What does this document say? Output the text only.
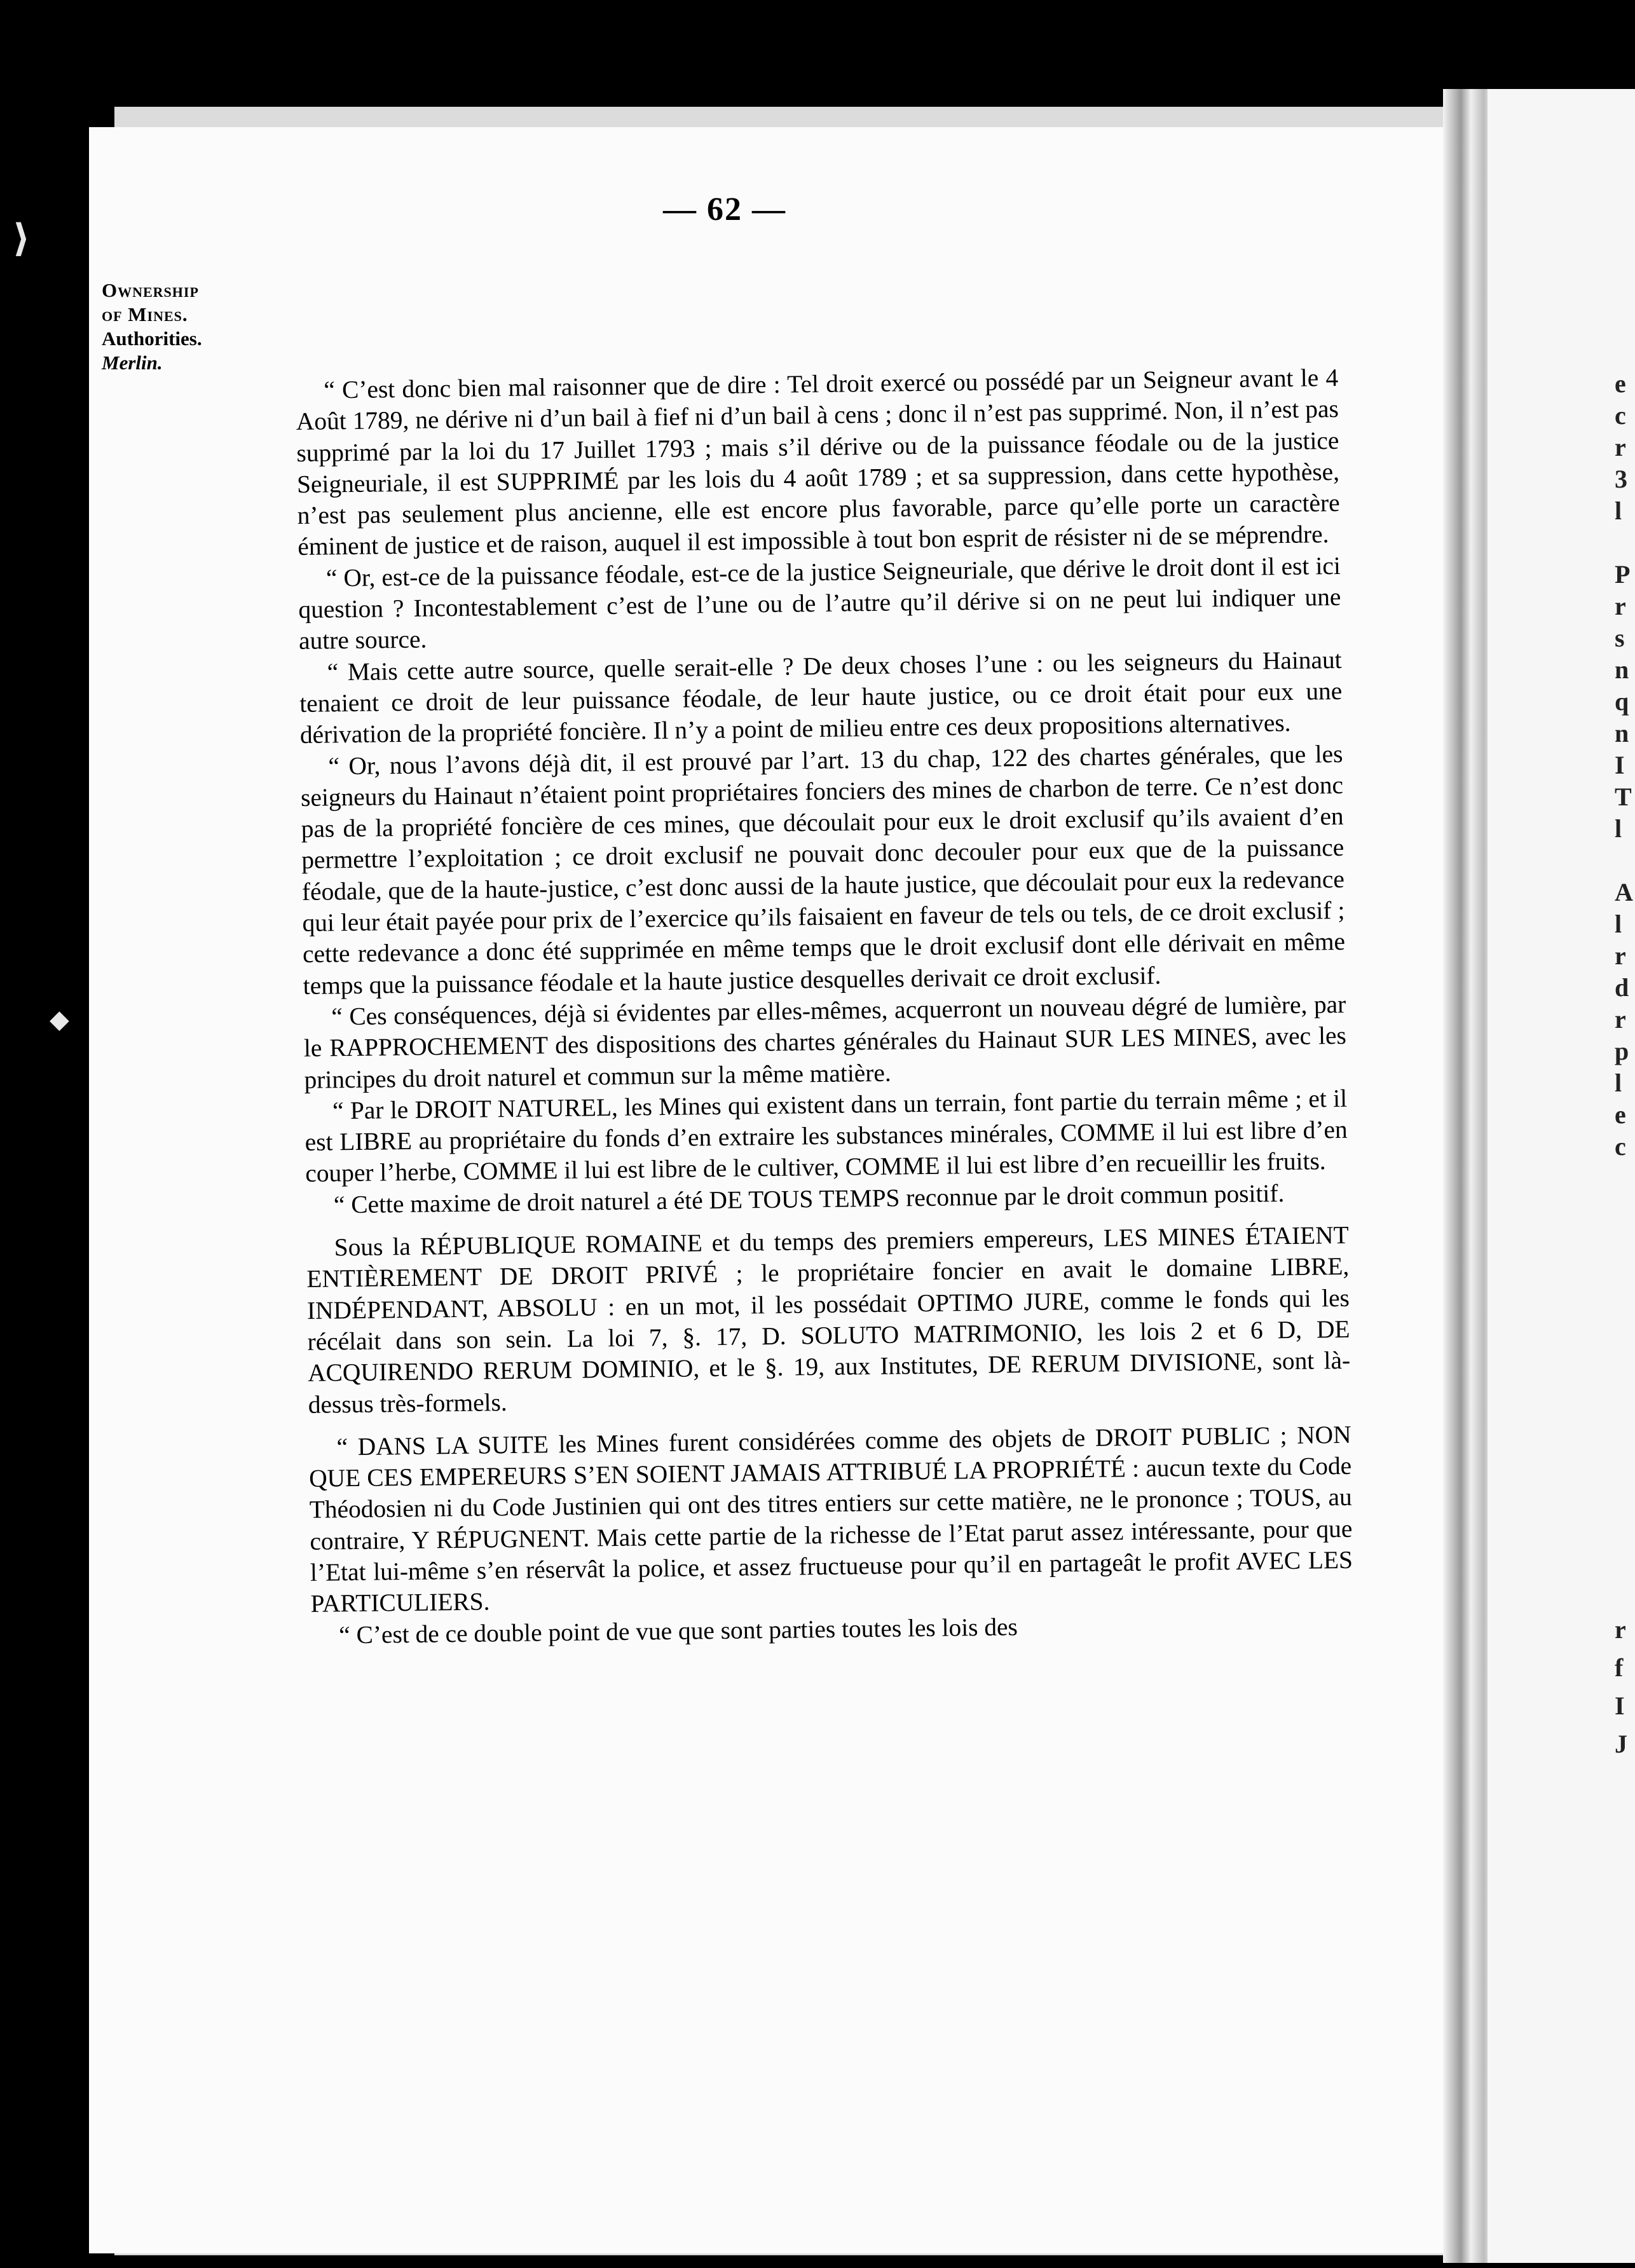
e
c
r
3
l
P
r
s
n
q
n
I
T
l
A
l
r
d
r
p
l
e
c
r
f
I
J
⟩
◆
— 62 —
Ownership
of Mines.
Authorities.
Merlin.

“ C’est donc bien mal raisonner que de dire : Tel droit exercé ou possédé par un Seigneur avant le 4 Août 1789, ne dérive ni d’un bail à fief ni d’un bail à cens ; donc il n’est pas supprimé. Non, il n’est pas supprimé par la loi du 17 Juillet 1793 ; mais s’il dérive ou de la puissance féodale ou de la justice Seigneuriale, il est SUPPRIMÉ par les lois du 4 août 1789 ; et sa suppression, dans cette hypothèse, n’est pas seulement plus ancienne, elle est encore plus favorable, parce qu’elle porte un caractère éminent de justice et de raison, auquel il est impossible à tout bon esprit de résister ni de se méprendre.

“ Or, est-ce de la puissance féodale, est-ce de la justice Seigneuriale, que dérive le droit dont il est ici question ? Incontestablement c’est de l’une ou de l’autre qu’il dérive si on ne peut lui indiquer une autre source.

“ Mais cette autre source, quelle serait-elle ? De deux choses l’une : ou les seigneurs du Hainaut tenaient ce droit de leur puissance féodale, de leur haute justice, ou ce droit était pour eux une dérivation de la propriété foncière. Il n’y a point de milieu entre ces deux propositions alternatives.

“ Or, nous l’avons déjà dit, il est prouvé par l’art. 13 du chap, 122 des chartes générales, que les seigneurs du Hainaut n’étaient point propriétaires fonciers des mines de charbon de terre. Ce n’est donc pas de la propriété foncière de ces mines, que découlait pour eux le droit exclusif qu’ils avaient d’en permettre l’exploitation ; ce droit exclusif ne pouvait donc decouler pour eux que de la puissance féodale, que de la haute-justice, c’est donc aussi de la haute justice, que découlait pour eux la redevance qui leur était payée pour prix de l’exercice qu’ils faisaient en faveur de tels ou tels, de ce droit exclusif ; cette redevance a donc été supprimée en même temps que le droit exclusif dont elle dérivait en même temps que la puissance féodale et la haute justice desquelles derivait ce droit exclusif.

“ Ces conséquences, déjà si évidentes par elles-mêmes, acquerront un nouveau dégré de lumière, par le RAPPROCHEMENT des dispositions des chartes générales du Hainaut SUR LES MINES, avec les principes du droit naturel et commun sur la même matière.

“ Par le DROIT NATUREL, les Mines qui existent dans un terrain, font partie du terrain même ; et il est LIBRE au propriétaire du fonds d’en extraire les substances minérales, COMME il lui est libre d’en couper l’herbe, COMME il lui est libre de le cultiver, COMME il lui est libre d’en recueillir les fruits.

“ Cette maxime de droit naturel a été DE TOUS TEMPS reconnue par le droit commun positif.

Sous la RÉPUBLIQUE ROMAINE et du temps des premiers empereurs, LES MINES ÉTAIENT ENTIÈREMENT DE DROIT PRIVÉ ; le propriétaire foncier en avait le domaine LIBRE, INDÉPENDANT, ABSOLU : en un mot, il les possédait OPTIMO JURE, comme le fonds qui les récélait dans son sein. La loi 7, §. 17, D. SOLUTO MATRIMONIO, les lois 2 et 6 D, DE ACQUIRENDO RERUM DOMINIO, et le §. 19, aux Institutes, DE RERUM DIVISIONE, sont là-dessus très-formels.

“ DANS LA SUITE les Mines furent considérées comme des objets de DROIT PUBLIC ; NON QUE CES EMPEREURS S’EN SOIENT JAMAIS ATTRIBUÉ LA PROPRIÉTÉ : aucun texte du Code Théodosien ni du Code Justinien qui ont des titres entiers sur cette matière, ne le prononce ; TOUS, au contraire, Y RÉPUGNENT. Mais cette partie de la richesse de l’Etat parut assez intéressante, pour que l’Etat lui-même s’en réservât la police, et assez fructueuse pour qu’il en partageât le profit AVEC LES PARTICULIERS.

“ C’est de ce double point de vue que sont parties toutes les lois des
